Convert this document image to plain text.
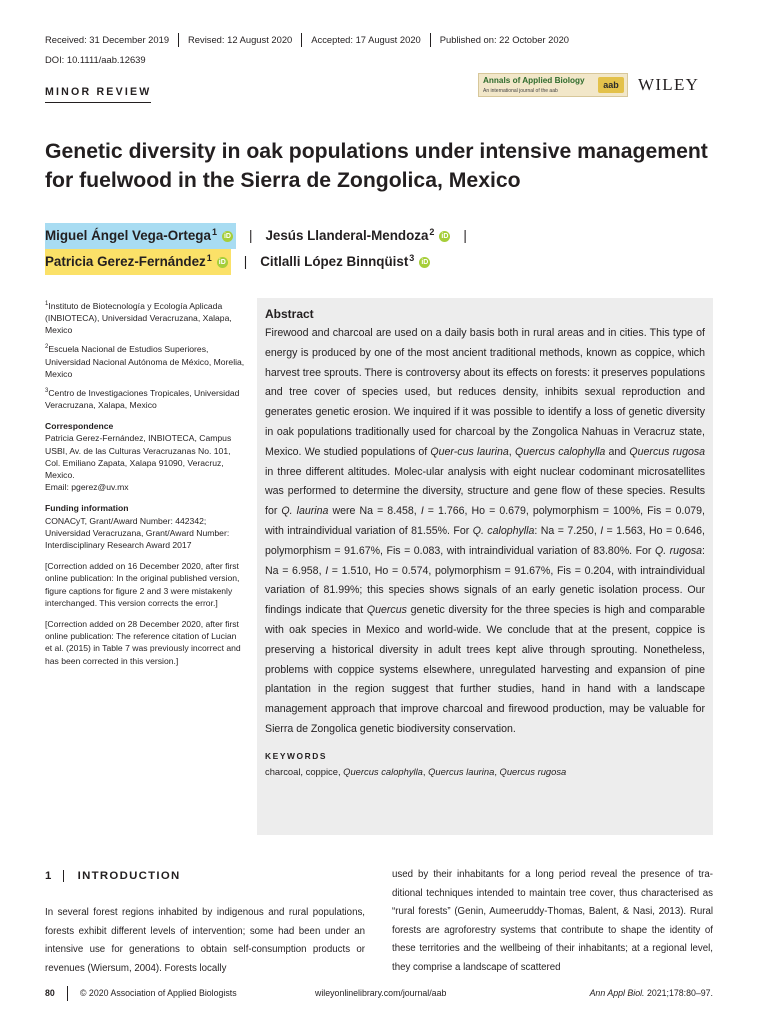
Received: 31 December 2019	Revised: 12 August 2020	Accepted: 17 August 2020	Published on: 22 October 2020
DOI: 10.1111/aab.12639
MINOR REVIEW
Annals of Applied Biology
An international journal of the aab
aab	WILEY
Genetic diversity in oak populations under intensive management for fuelwood in the Sierra de Zongolica, Mexico
Miguel Ángel Vega-Ortega$^1$ iD | Jesús Llanderal-Mendoza$^2$ iD |
Patricia Gerez-Fernández$^1$ iD | Citlalli López Binnqüist$^3$ iD

$^1$Instituto de Biotecnología y Ecología Aplicada (INBIOTECA), Universidad Veracruzana, Xalapa, Mexico

$^2$Escuela Nacional de Estudios Superiores, Universidad Nacional Autónoma de México, Morelia, Mexico

$^3$Centro de Investigaciones Tropicales, Universidad Veracruzana, Xalapa, Mexico

Correspondence

Patricia Gerez-Fernández, INBIOTECA, Campus USBI, Av. de las Culturas Veracruzanas No. 101, Col. Emiliano Zapata, Xalapa 91090, Veracruz, Mexico.

Email: pgerez@uv.mx

Funding information

CONACyT, Grant/Award Number: 442342; Universidad Veracruzana, Grant/Award Number: Interdisciplinary Research Award 2017

[Correction added on 16 December 2020, after first online publication: In the original published version, figure captions for figure 2 and 3 were mistakenly interchanged. This version corrects the error.]

[Correction added on 28 December 2020, after first online publication: The reference citation of Lucian et al. (2015) in Table 7 was previously incorrect and has been corrected in this version.]

Abstract

Firewood and charcoal are used on a daily basis both in rural areas and in cities. This type of energy is produced by one of the most ancient traditional methods, known as coppice, which harvest tree sprouts. There is controversy about its effects on forests: it preserves populations and tree cover of species used, but reduces density, inhibits sexual reproduction and generates genetic erosion. We inquired if it was possible to identify a loss of genetic diversity in oak populations traditionally used for charcoal by the Zongolica Nahuas in Veracruz state, Mexico. We studied populations of Quer-cus laurina, Quercus calophylla and Quercus rugosa in three different altitudes. Molec-ular analysis with eight nuclear codominant microsatellites was performed to determine the diversity, structure and gene flow of these species. Results for Q. laurina were Na = 8.458, I = 1.766, Ho = 0.679, polymorphism = 100%, Fis = 0.079, with intraindividual variation of 81.55%. For Q. calophylla: Na = 7.250, I = 1.563, Ho = 0.646, polymorphism = 91.67%, Fis = 0.083, with intraindividual variation of 83.80%. For Q. rugosa: Na = 6.958, I = 1.510, Ho = 0.574, polymorphism = 91.67%, Fis = 0.204, with intraindividual variation of 81.99%; this species shows signals of an early genetic isolation process. Our findings indicate that Quercus genetic diversity for the three species is high and comparable with oak species in Mexico and world-wide. We conclude that at the present, coppice is preserving a historical diversity in adult trees kept alive through sprouting. Nonetheless, problems with coppice systems elsewhere, unregulated harvesting and expansion of pine plantation in the region suggest that further studies, hand in hand with a landscape management approach that improve charcoal and firewood production, may be valuable for Sierra de Zongolica genetic biodiversity conservation.

KEYWORDS
charcoal, coppice, Quercus calophylla, Quercus laurina, Quercus rugosa
1 INTRODUCTION

In several forest regions inhabited by indigenous and rural populations, forests exhibit different levels of intervention; some had been under an intensive use for generations to obtain self-consumption products or revenues (Wiersum, 2004). Forests locally

used by their inhabitants for a long period reveal the presence of tra-ditional techniques intended to maintain tree cover, thus characterised as “rural forests” (Genin, Aumeeruddy-Thomas, Balent, & Nasi, 2013). Rural forests are agroforestry systems that contribute to shape the identity of these territories and the wellbeing of their inhabitants; at a regional level, they comprise a landscape of scattered

80	© 2020 Association of Applied Biologists	wileyonlinelibrary.com/journal/aab	Ann Appl Biol. 2021;178:80–97.
